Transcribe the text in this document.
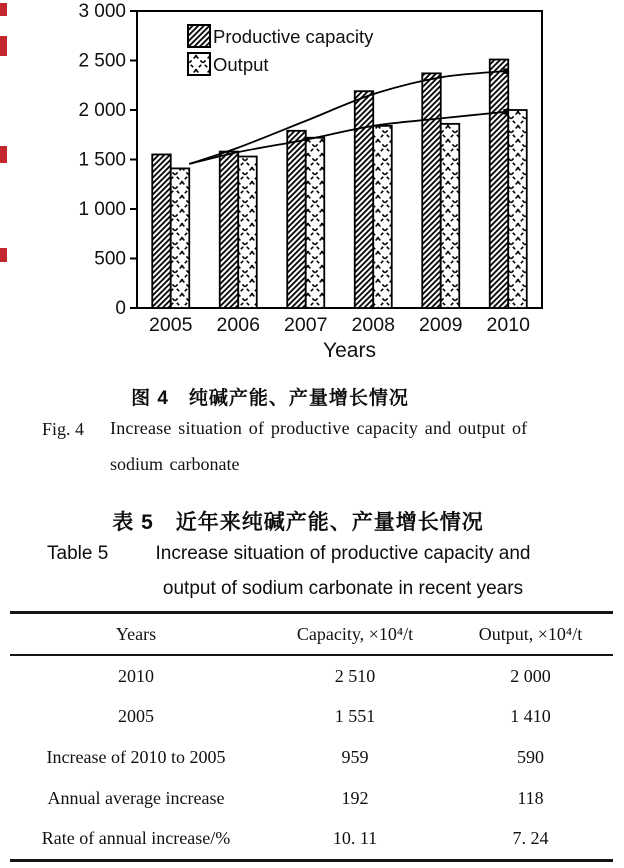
0
500
1 000
1 500
2 000
2 500
3 000
2005 2006 2007 2008 2009 2010
Years
Productive capacity
Output
图 4　纯碱产能、产量增长情况
Fig. 4 Increase situation of productive capacity and output of
sodium carbonate
表 5　近年来纯碱产能、产量增长情况
Table 5	Increase situation of productive capacity and
output of sodium carbonate in recent years
Years	Capacity, ×10⁴/t	Output, ×10⁴/t
2010	2 510	2 000
2005	1 551	1 410
Increase of 2010 to 2005	959	590
Annual average increase	192	118
Rate of annual increase/%	10. 11	7. 24
